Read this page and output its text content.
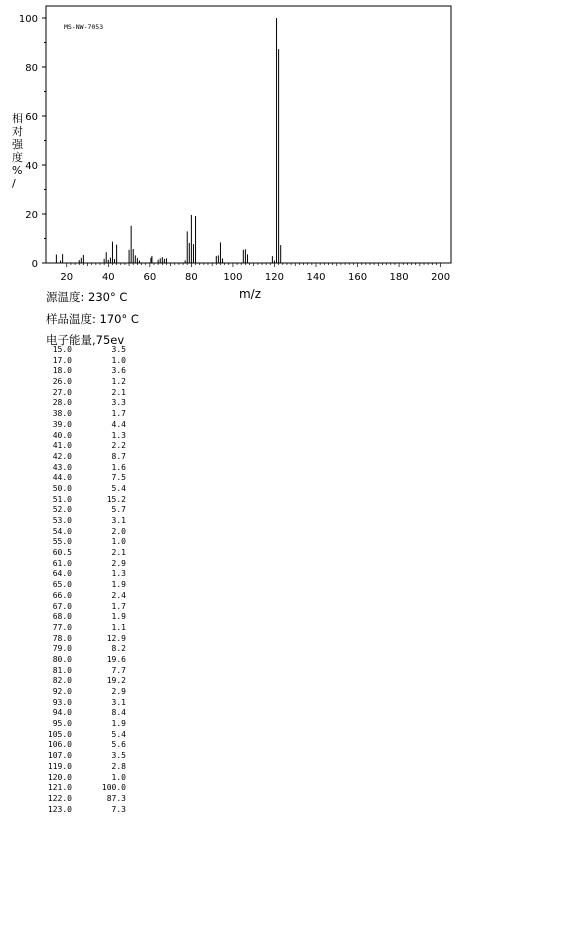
0
20
40
60
80
100
20	40	60	80	100 120 140 160 180 200
MS-NW-7053
m/z
相对强度% /
源温度: 230° C
样品温度: 170° C
电子能量,75ev
15.0	3.5
17.0	1.0
18.0	3.6
26.0	1.2
27.0	2.1
28.0	3.3
38.0	1.7
39.0	4.4
40.0	1.3
41.0	2.2
42.0	8.7
43.0	1.6
44.0	7.5
50.0	5.4
51.0	15.2
52.0	5.7
53.0	3.1
54.0	2.0
55.0	1.0
60.5	2.1
61.0	2.9
64.0	1.3
65.0	1.9
66.0	2.4
67.0	1.7
68.0	1.9
77.0	1.1
78.0	12.9
79.0	8.2
80.0	19.6
81.0	7.7
82.0	19.2
92.0	2.9
93.0	3.1
94.0	8.4
95.0	1.9
105.0	5.4
106.0	5.6
107.0	3.5
119.0	2.8
120.0	1.0
121.0	100.0
122.0	87.3
123.0	7.3
